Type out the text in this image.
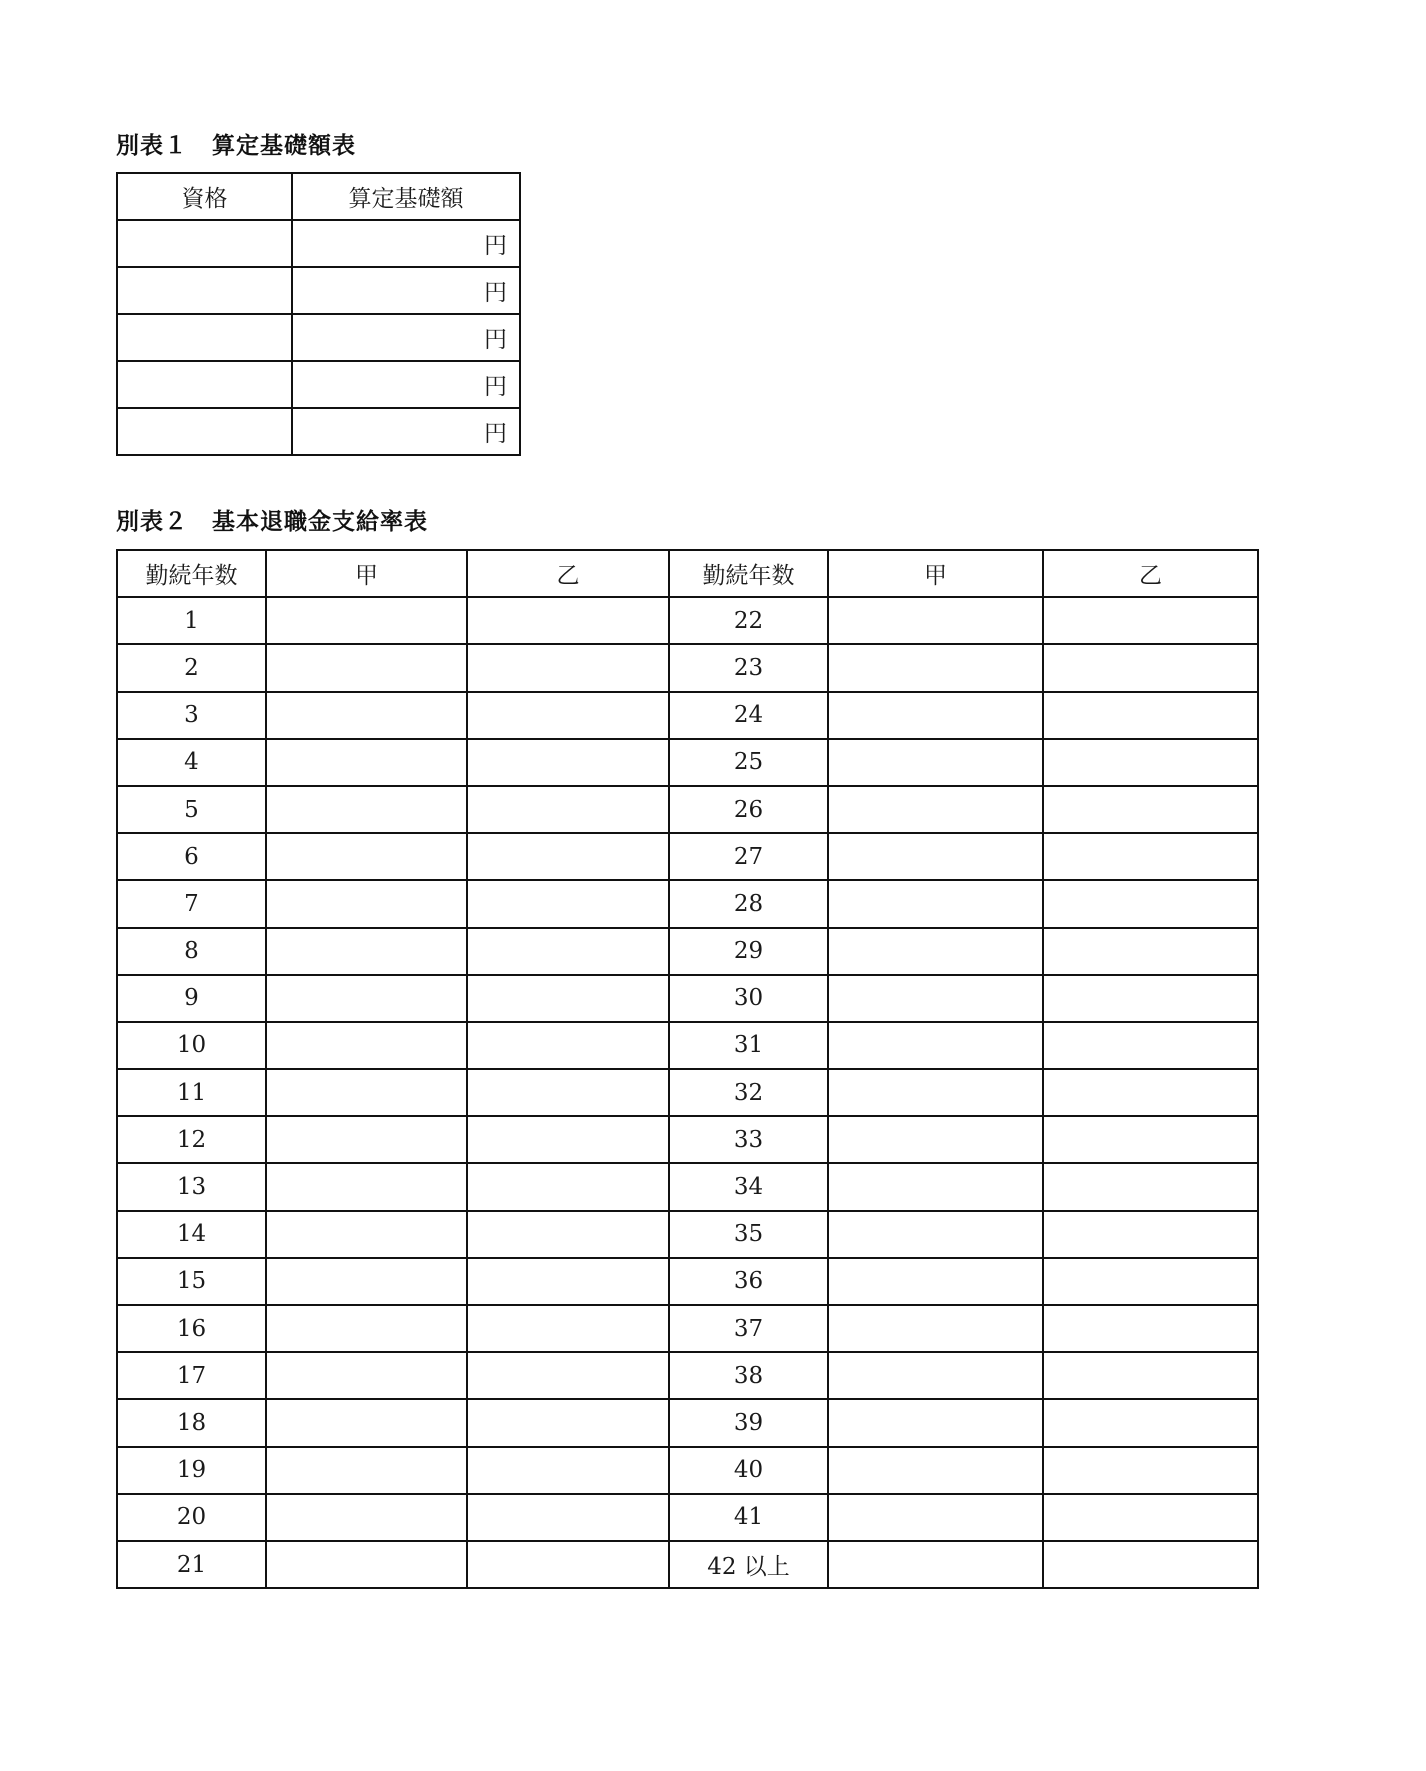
別表１　算定基礎額表
資格	算定基礎額
	円
	円
	円
	円
	円
別表２　基本退職金支給率表
勤続年数	甲	乙	勤続年数	甲	乙
1			22		
2			23		
3			24		
4			25		
5			26		
6			27		
7			28		
8			29		
9			30		
10			31		
11			32		
12			33		
13			34		
14			35		
15			36		
16			37		
17			38		
18			39		
19			40		
20			41		
21			42 以上		
